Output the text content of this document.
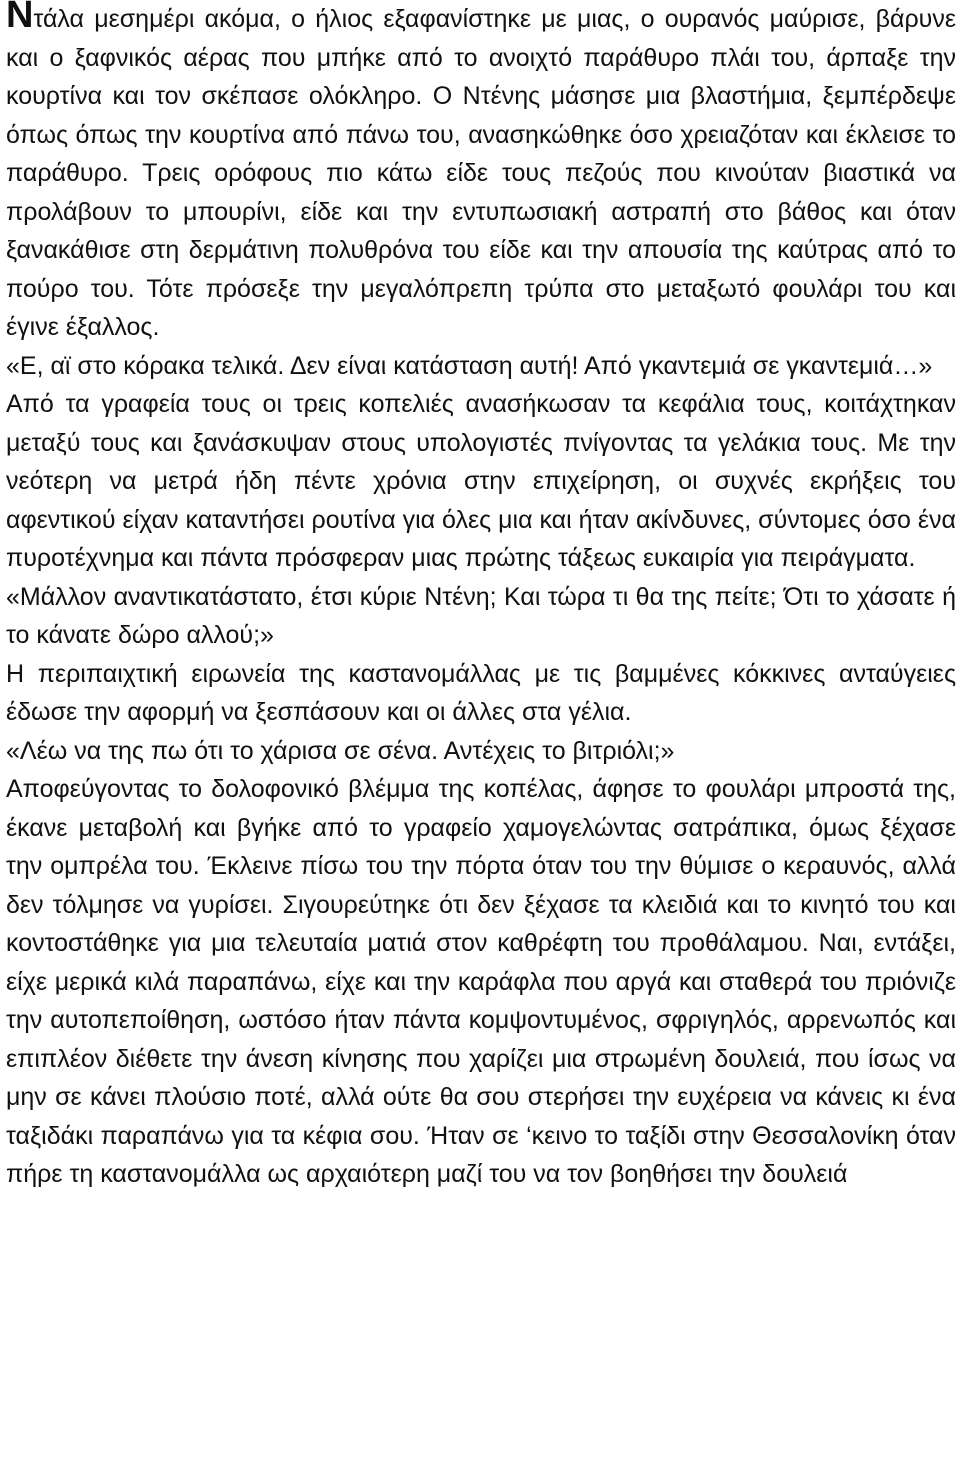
Ντάλα μεσημέρι ακόμα, ο ήλιος εξαφανίστηκε με μιας, ο ουρανός μαύρισε, βάρυνε και ο ξαφνικός αέρας που μπήκε από το ανοιχτό παράθυρο πλάι του, άρπαξε την κουρτίνα και τον σκέπασε ολόκληρο. Ο Ντένης μάσησε μια βλαστήμια, ξεμπέρδεψε όπως όπως την κουρτίνα από πάνω του, ανασηκώθηκε όσο χρειαζόταν και έκλεισε το παράθυρο. Τρεις ορόφους πιο κάτω είδε τους πεζούς που κινούταν βιαστικά να προλάβουν το μπουρίνι, είδε και την εντυπωσιακή αστραπή στο βάθος και όταν ξανακάθισε στη δερμάτινη πολυθρόνα του είδε και την απουσία της καύτρας από το πούρο του. Τότε πρόσεξε την μεγαλόπρεπη τρύπα στο μεταξωτό φουλάρι του και έγινε έξαλλος.

«Ε, αϊ στο κόρακα τελικά. Δεν είναι κατάσταση αυτή! Από γκαντεμιά σε γκαντεμιά…»

Από τα γραφεία τους οι τρεις κοπελιές ανασήκωσαν τα κεφάλια τους, κοιτάχτηκαν μεταξύ τους και ξανάσκυψαν στους υπολογιστές πνίγοντας τα γελάκια τους. Με την νεότερη να μετρά ήδη πέντε χρόνια στην επιχείρηση, οι συχνές εκρήξεις του αφεντικού είχαν καταντήσει ρουτίνα για όλες μια και ήταν ακίνδυνες, σύντομες όσο ένα πυροτέχνημα και πάντα πρόσφεραν μιας πρώτης τάξεως ευκαιρία για πειράγματα.

«Μάλλον αναντικατάστατο, έτσι κύριε Ντένη; Και τώρα τι θα της πείτε; Ότι το χάσατε ή το κάνατε δώρο αλλού;»

Η περιπαιχτική ειρωνεία της καστανομάλλας με τις βαμμένες κόκκινες ανταύγειες έδωσε την αφορμή να ξεσπάσουν και οι άλλες στα γέλια.

«Λέω να της πω ότι το χάρισα σε σένα. Αντέχεις το βιτριόλι;»

Αποφεύγοντας το δολοφονικό βλέμμα της κοπέλας, άφησε το φουλάρι μπροστά της, έκανε μεταβολή και βγήκε από το γραφείο χαμογελώντας σατράπικα, όμως ξέχασε την ομπρέλα του. Έκλεινε πίσω του την πόρτα όταν του την θύμισε ο κεραυνός, αλλά δεν τόλμησε να γυρίσει. Σιγουρεύτηκε ότι δεν ξέχασε τα κλειδιά και το κινητό του και κοντοστάθηκε για μια τελευταία ματιά στον καθρέφτη του προθάλαμου. Ναι, εντάξει, είχε μερικά κιλά παραπάνω, είχε και την καράφλα που αργά και σταθερά του πριόνιζε την αυτοπεποίθηση, ωστόσο ήταν πάντα κομψοντυμένος, σφριγηλός, αρρενωπός και επιπλέον διέθετε την άνεση κίνησης που χαρίζει μια στρωμένη δουλειά, που ίσως να μην σε κάνει πλούσιο ποτέ, αλλά ούτε θα σου στερήσει την ευχέρεια να κάνεις κι ένα ταξιδάκι παραπάνω για τα κέφια σου. Ήταν σε ‘κεινο το ταξίδι στην Θεσσαλονίκη όταν πήρε τη καστανομάλλα ως αρχαιότερη μαζί του να τον βοηθήσει την δουλειά
